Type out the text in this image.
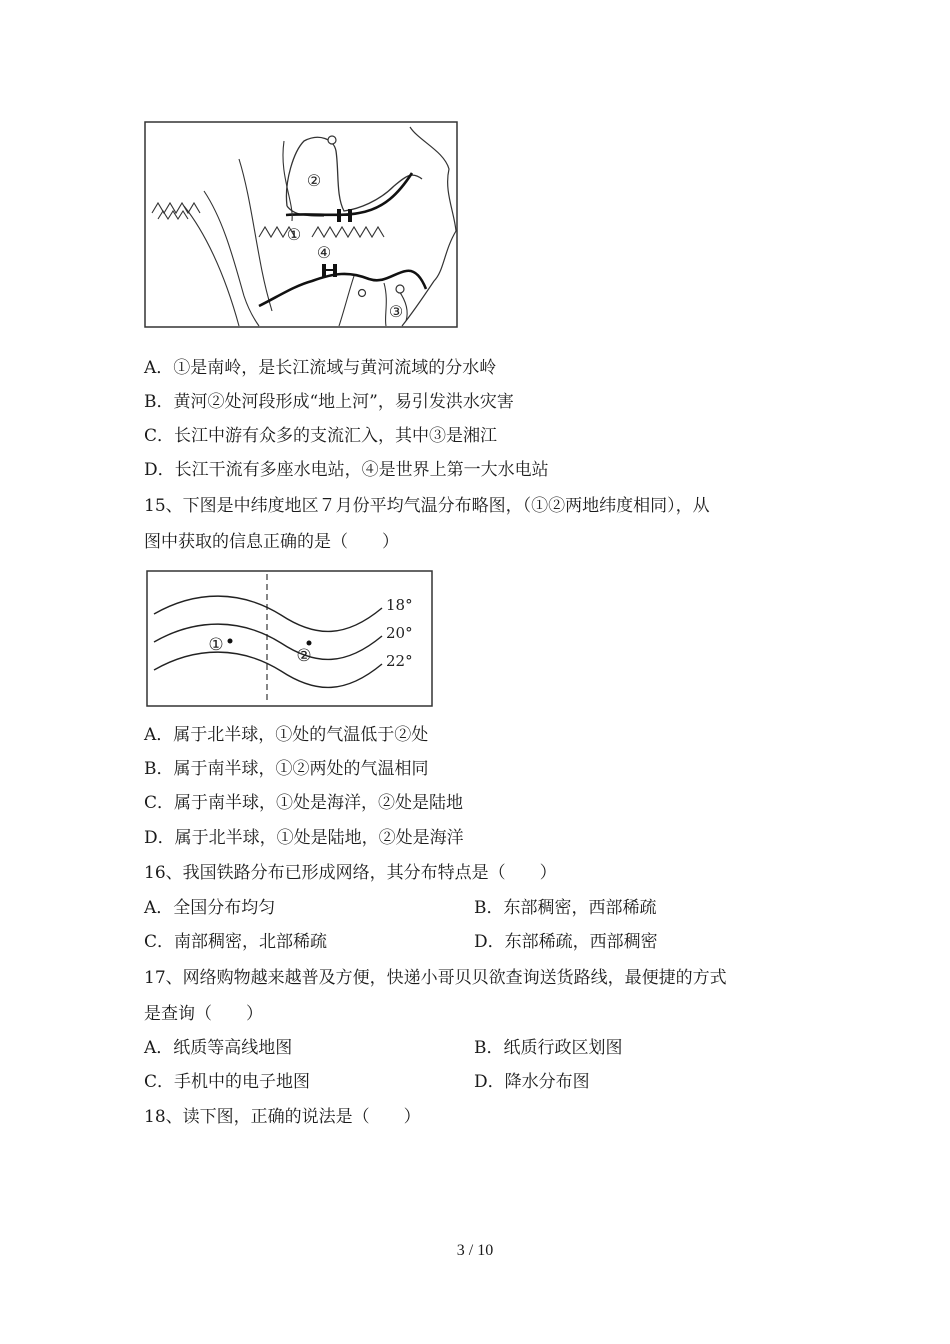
②
①
④
③
A．①是南岭，是长江流域与黄河流域的分水岭
B．黄河②处河段形成“地上河”，易引发洪水灾害
C．长江中游有众多的支流汇入，其中③是湘江
D．长江干流有多座水电站，④是世界上第一大水电站
15、下图是中纬度地区７月份平均气温分布略图，（①②两地纬度相同），从
图中获取的信息正确的是（　　）
18°
20°
22°
①
②
A．属于北半球，①处的气温低于②处
B．属于南半球，①②两处的气温相同
C．属于南半球，①处是海洋，②处是陆地
D．属于北半球，①处是陆地，②处是海洋
16、我国铁路分布已形成网络，其分布特点是（　　）
A．全国分布均匀	B．东部稠密，西部稀疏
C．南部稠密，北部稀疏	D．东部稀疏，西部稠密
17、网络购物越来越普及方便，快递小哥贝贝欲查询送货路线，最便捷的方式
是查询（　　）
A．纸质等高线地图	B．纸质行政区划图
C．手机中的电子地图	D．降水分布图
18、读下图，正确的说法是（　　）
3 / 10
